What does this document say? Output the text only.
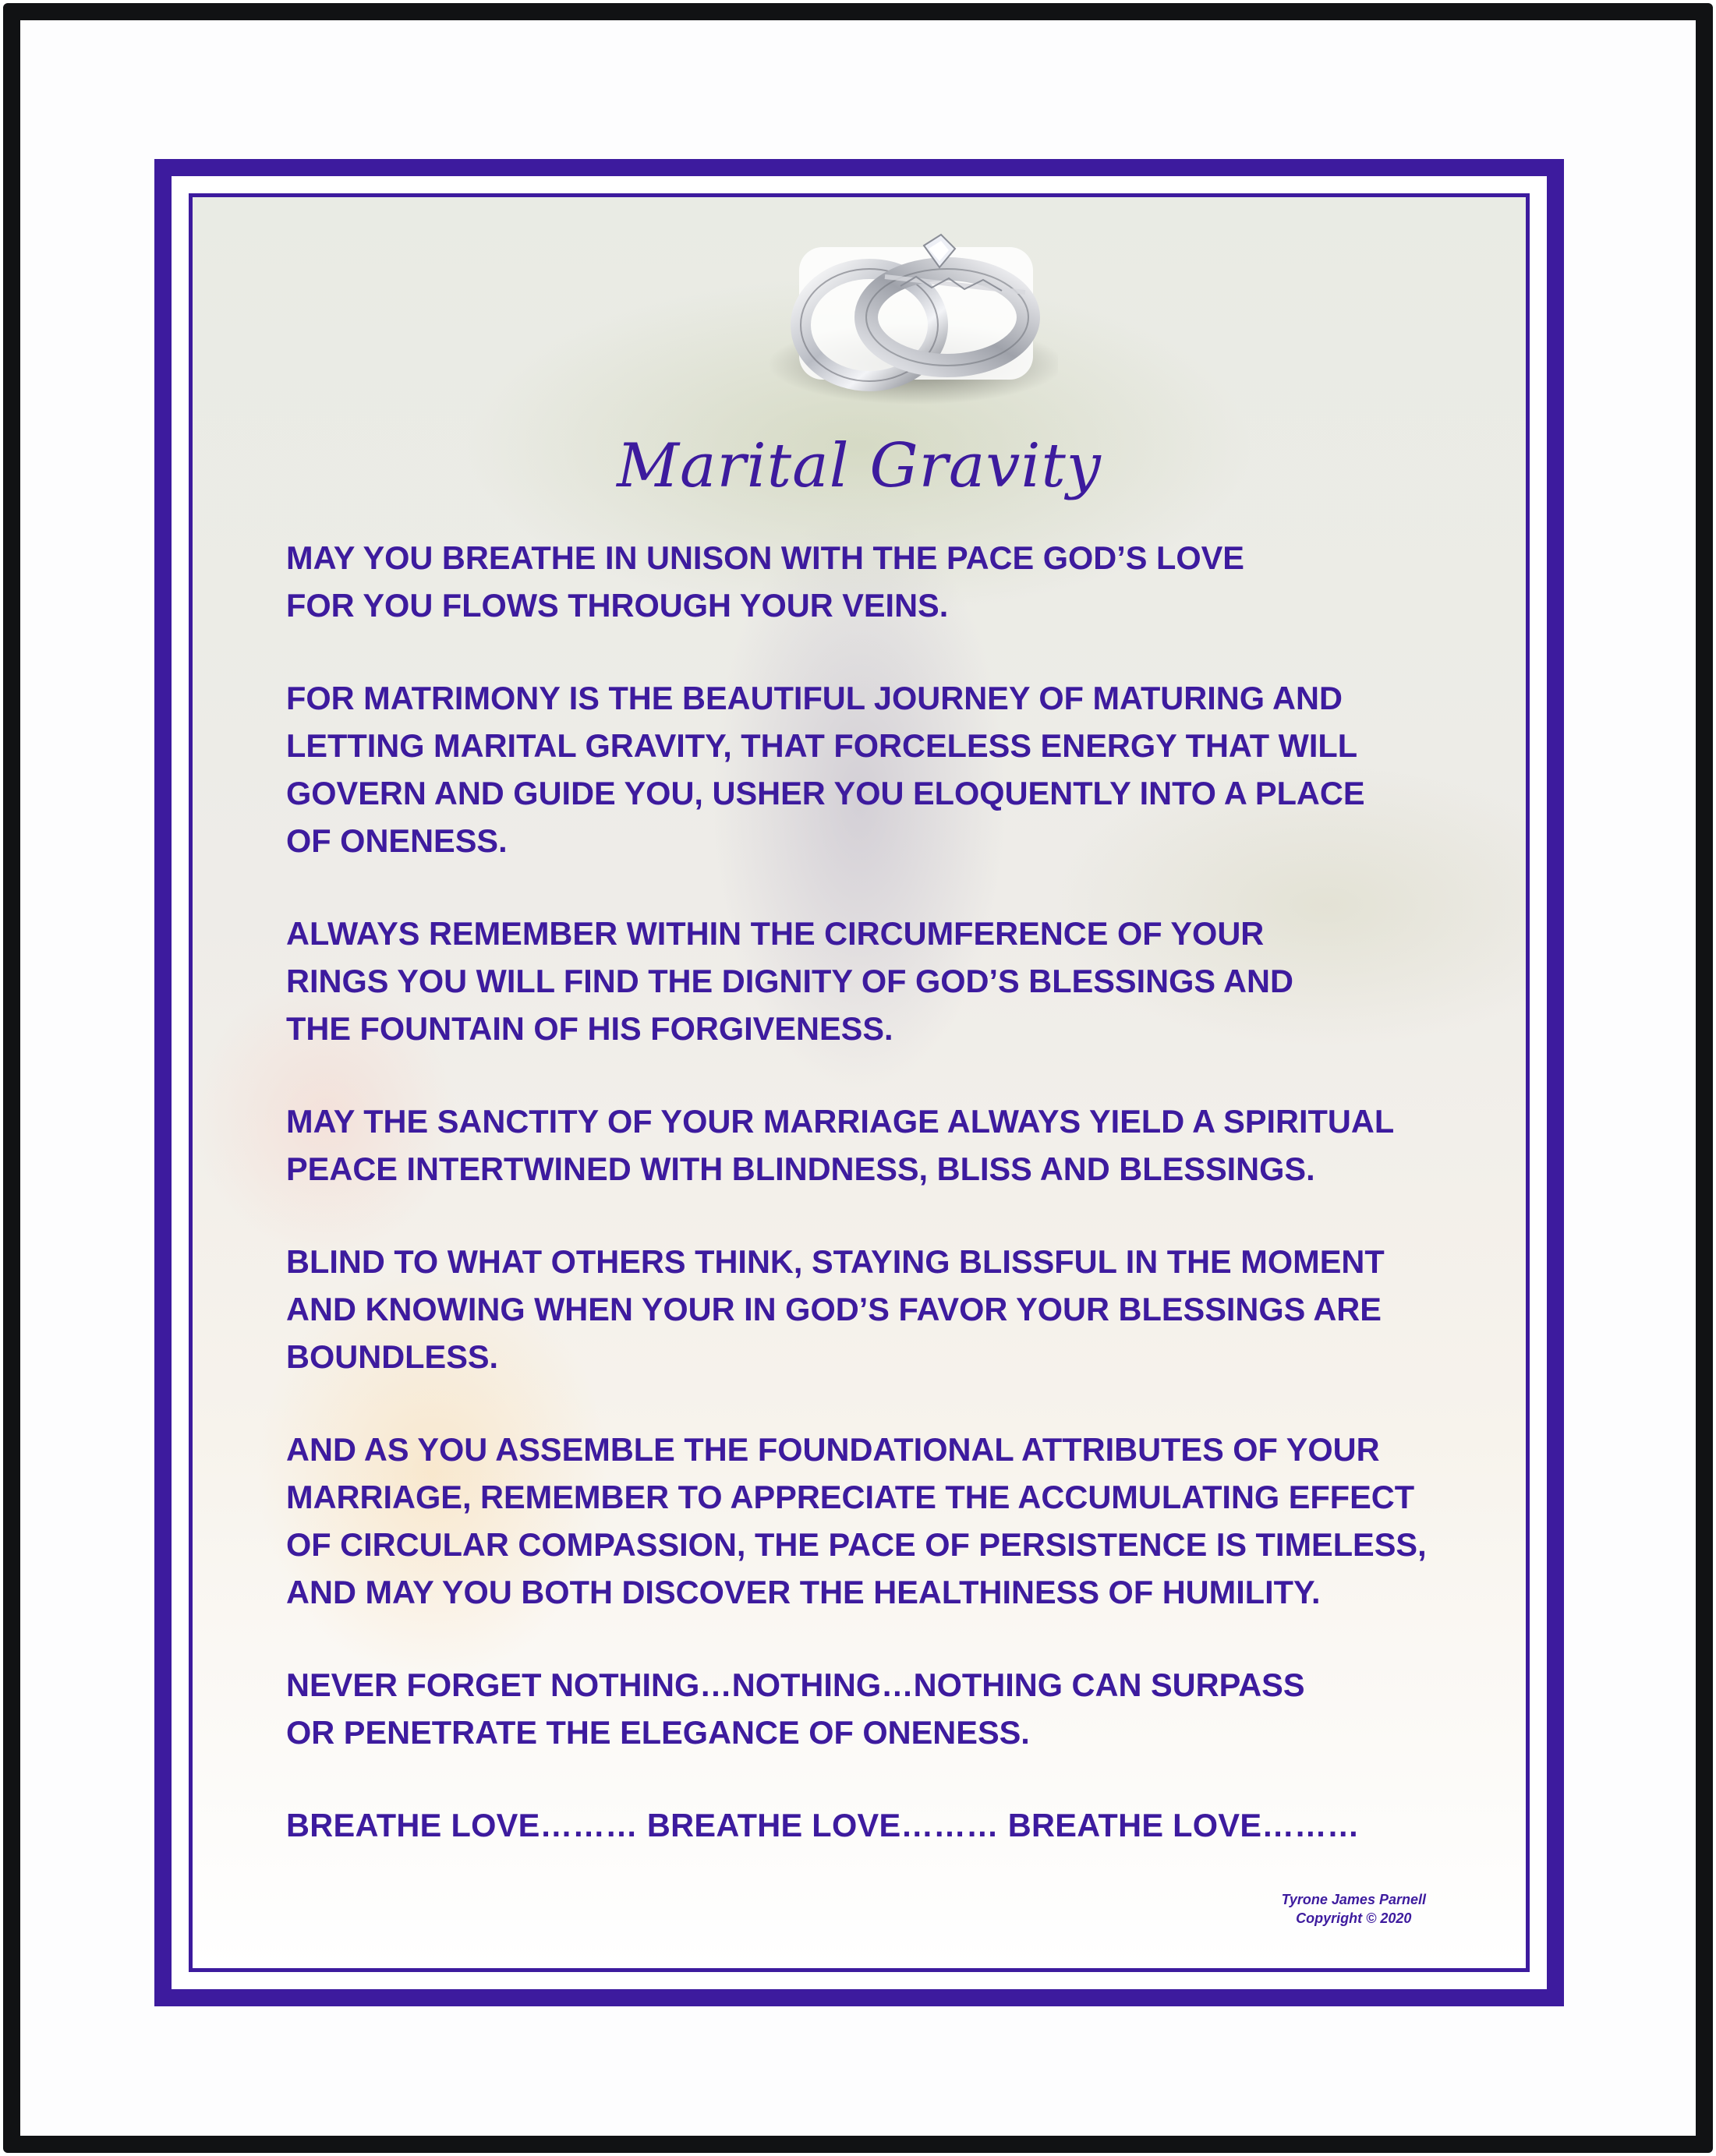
Marital Gravity

MAY YOU BREATHE IN UNISON WITH THE PACE GOD’S LOVE
FOR YOU FLOWS THROUGH YOUR VEINS.

FOR MATRIMONY IS THE BEAUTIFUL JOURNEY OF MATURING AND
LETTING MARITAL GRAVITY, THAT FORCELESS ENERGY THAT WILL
GOVERN AND GUIDE YOU, USHER YOU ELOQUENTLY INTO A PLACE
OF ONENESS.

ALWAYS REMEMBER WITHIN THE CIRCUMFERENCE OF YOUR
RINGS YOU WILL FIND THE DIGNITY OF GOD’S BLESSINGS AND
THE FOUNTAIN OF HIS FORGIVENESS.

MAY THE SANCTITY OF YOUR MARRIAGE ALWAYS YIELD A SPIRITUAL
PEACE INTERTWINED WITH BLINDNESS, BLISS AND BLESSINGS.

BLIND TO WHAT OTHERS THINK, STAYING BLISSFUL IN THE MOMENT
AND KNOWING WHEN YOUR IN GOD’S FAVOR YOUR BLESSINGS ARE
BOUNDLESS.

AND AS YOU ASSEMBLE THE FOUNDATIONAL ATTRIBUTES OF YOUR
MARRIAGE, REMEMBER TO APPRECIATE THE ACCUMULATING EFFECT
OF CIRCULAR COMPASSION, THE PACE OF PERSISTENCE IS TIMELESS,
AND MAY YOU BOTH DISCOVER THE HEALTHINESS OF HUMILITY.

NEVER FORGET NOTHING…NOTHING…NOTHING CAN SURPASS
OR PENETRATE THE ELEGANCE OF ONENESS.

BREATHE LOVE……… BREATHE LOVE……… BREATHE LOVE………

Tyrone James Parnell
Copyright © 2020
